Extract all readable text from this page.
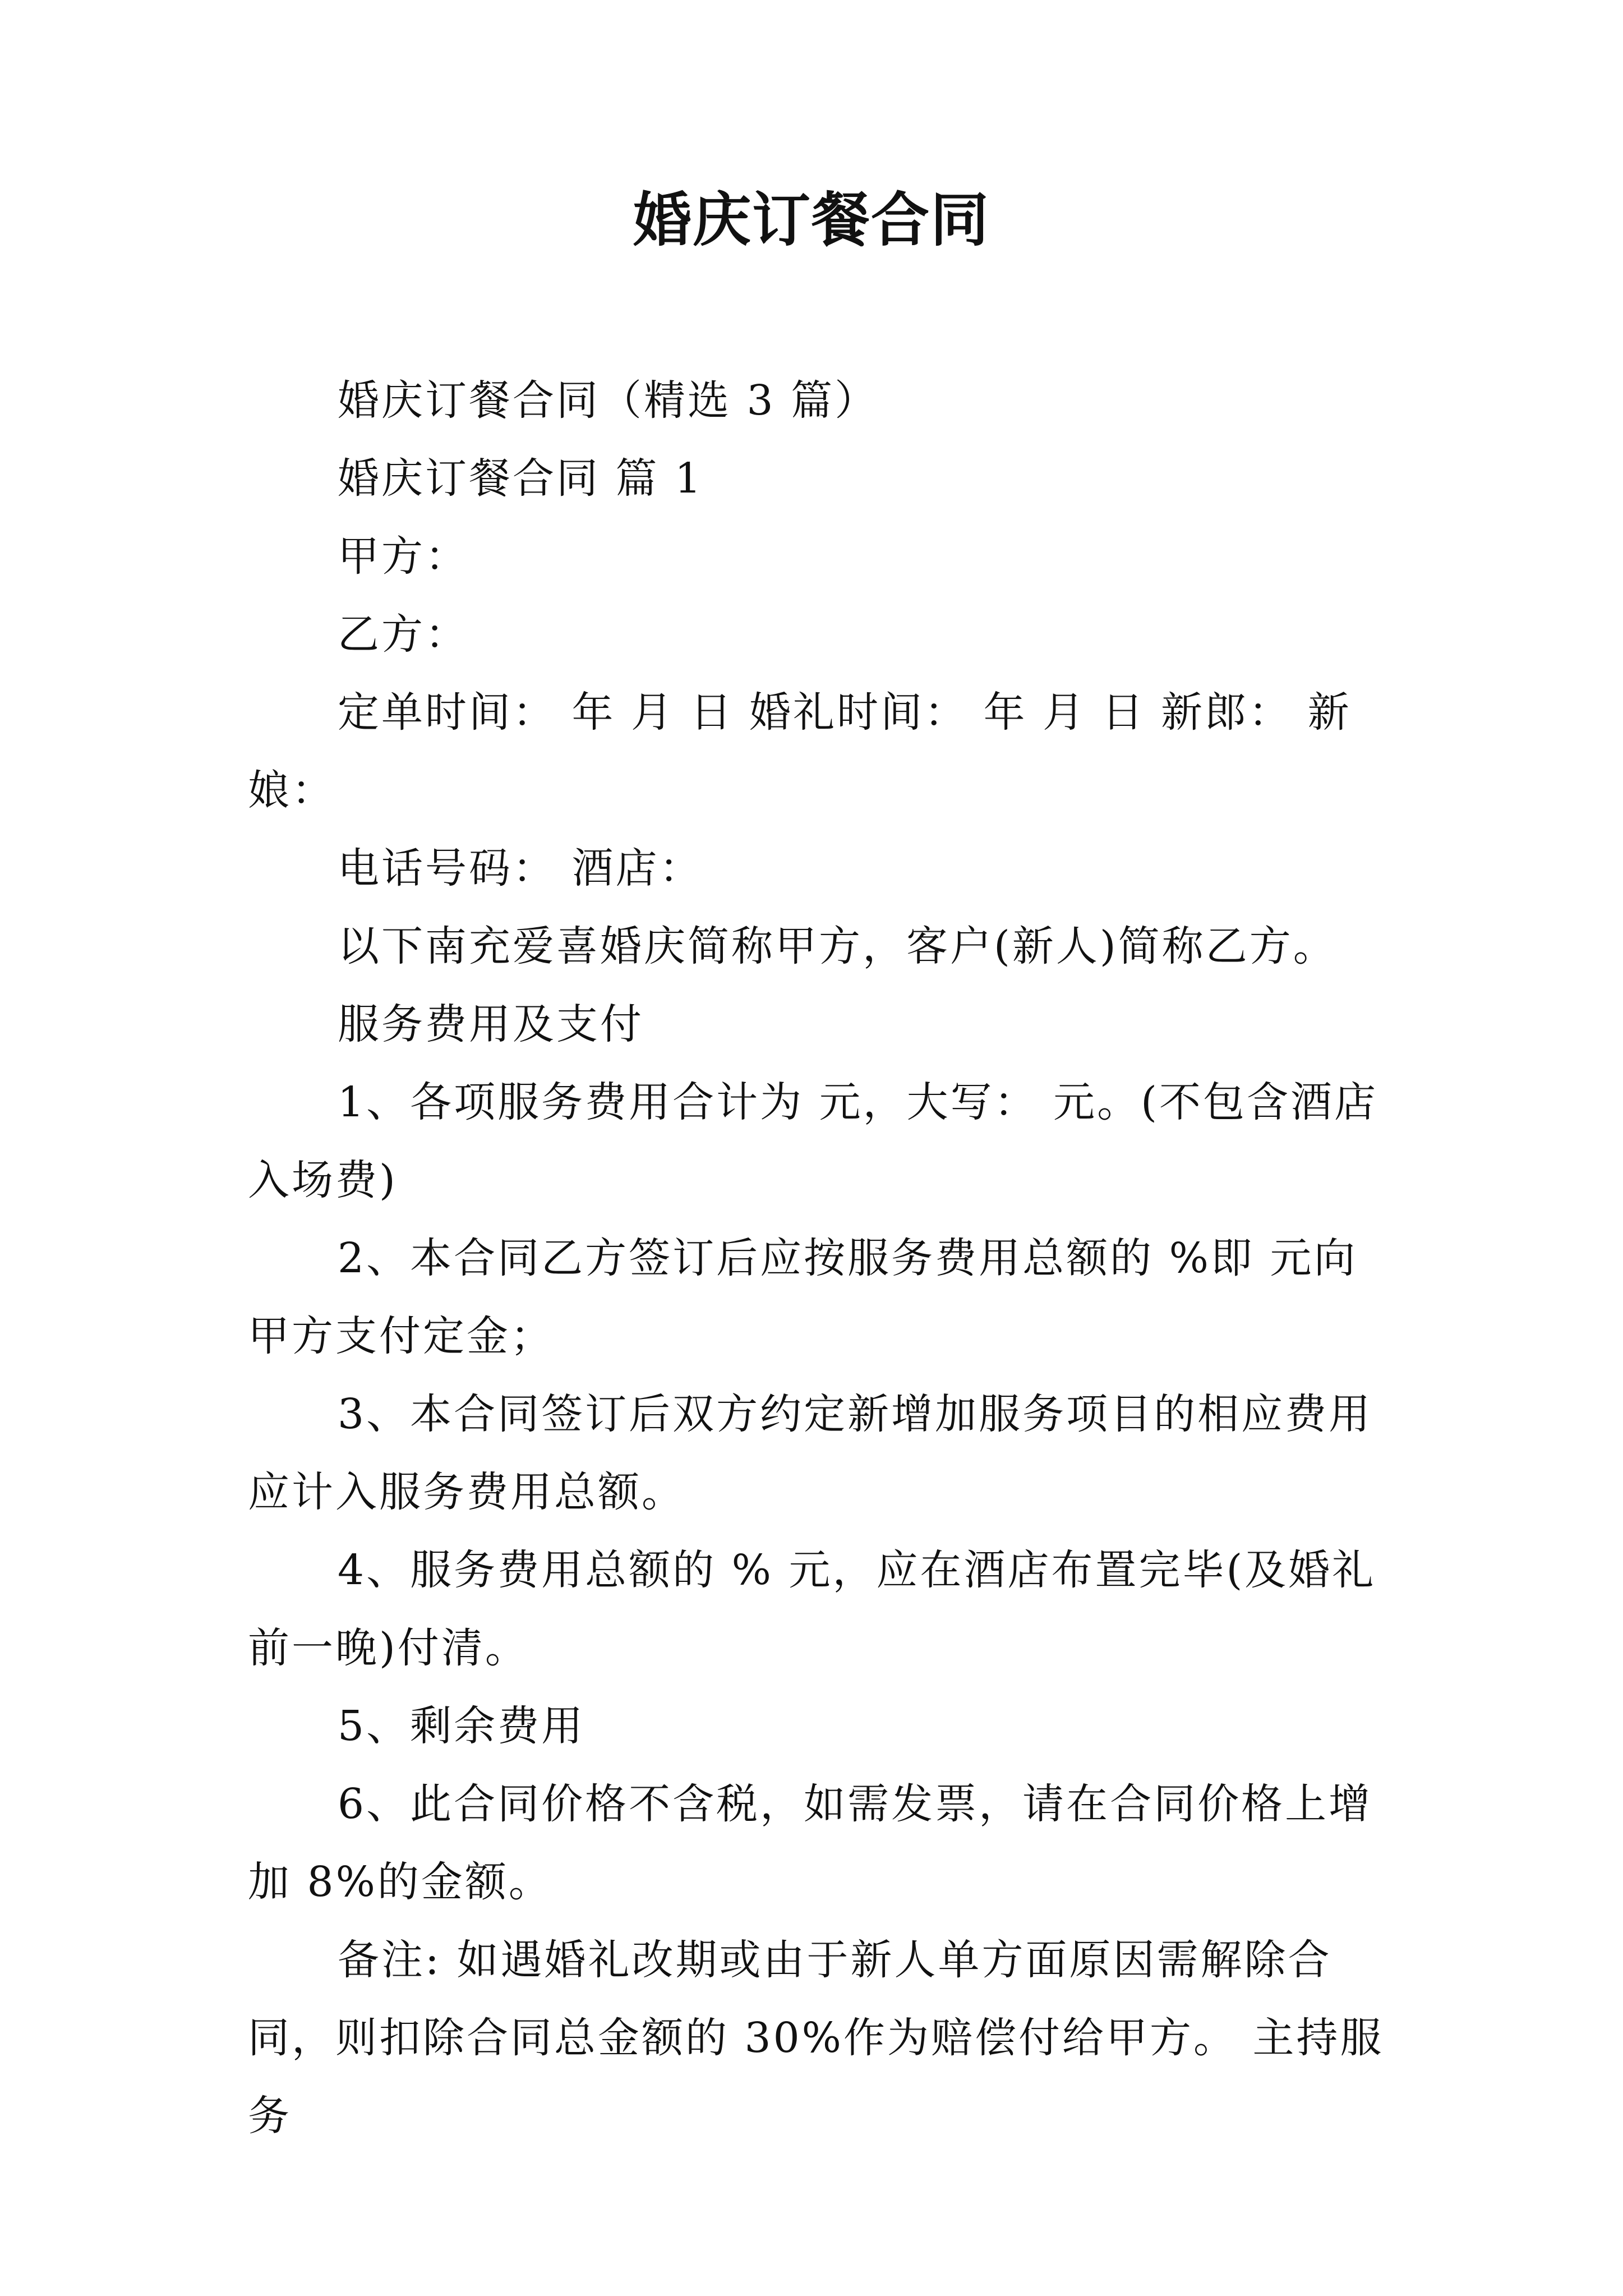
婚庆订餐合同

婚庆订餐合同（精选 3 篇）

婚庆订餐合同 篇 1

甲方：

乙方：

定单时间： 年 月 日 婚礼时间： 年 月 日 新郎： 新娘：

电话号码： 酒店：

以下南充爱喜婚庆简称甲方，客户(新人)简称乙方。

服务费用及支付

1、各项服务费用合计为 元，大写： 元。(不包含酒店入场费)

2、本合同乙方签订后应按服务费用总额的 %即 元向甲方支付定金；

3、本合同签订后双方约定新增加服务项目的相应费用应计入服务费用总额。

4、服务费用总额的 % 元，应在酒店布置完毕(及婚礼前一晚)付清。

5、剩余费用

6、此合同价格不含税，如需发票，请在合同价格上增加 8%的金额。

备注: 如遇婚礼改期或由于新人单方面原因需解除合同，则扣除合同总金额的 30%作为赔偿付给甲方。 主持服务
